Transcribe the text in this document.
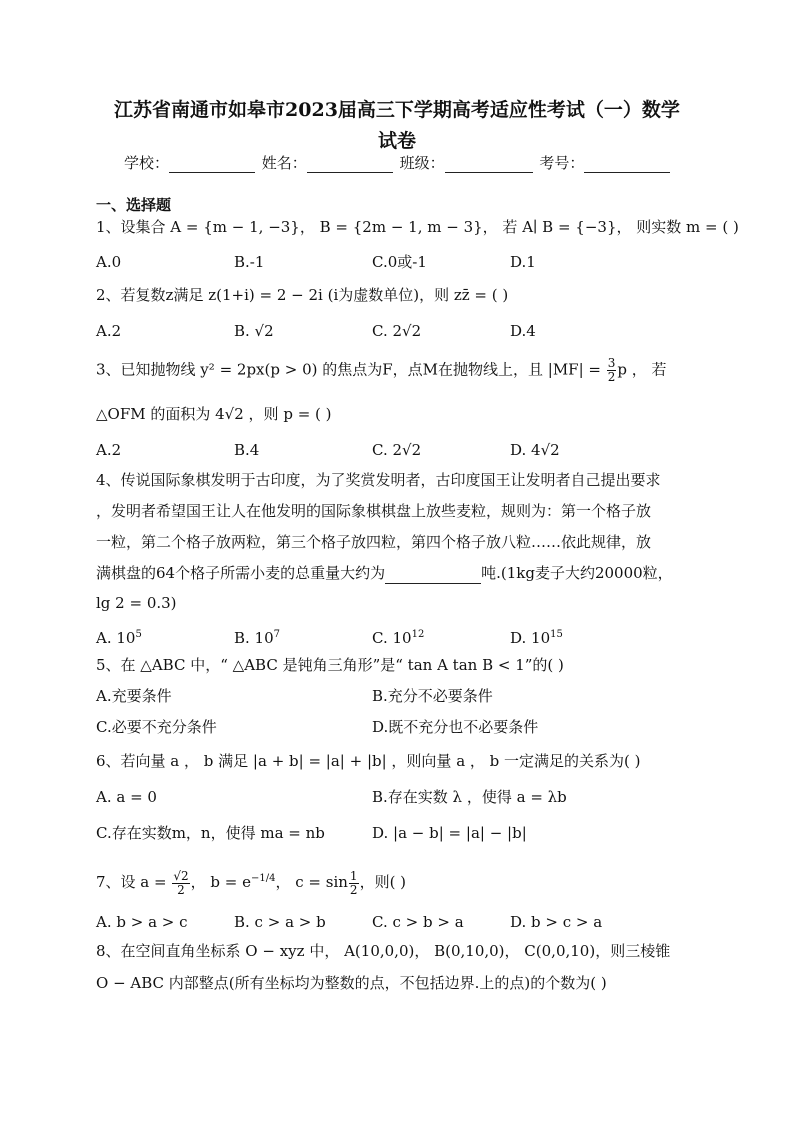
江苏省南通市如皋市2023届高三下学期高考适应性考试（一）数学
试卷
学校：	姓名：	班级：	考号：
一、选择题
1、设集合 A = {m − 1, −3}， B = {2m − 1, m − 3}， 若 A∣ B = {−3}， 则实数 m = ( )
A.0	B.-1	C.0或-1	D.1
2、若复数z满足 z(1+i) = 2 − 2i (i为虚数单位)，则 zz̄ = ( )
A.2	B. √2	C. 2√2	D.4
3、已知抛物线 y² = 2px(p > 0) 的焦点为F，点M在抛物线上，且 $|MF| = \frac{3}{2}$ p ， 若
△OFM 的面积为 4√2 ，则 p = ( )
A.2	B.4	C. 2√2	D. 4√2
4、传说国际象棋发明于古印度，为了奖赏发明者，古印度国王让发明者自己提出要求
，发明者希望国王让人在他发明的国际象棋棋盘上放些麦粒，规则为：第一个格子放
一粒，第二个格子放两粒，第三个格子放四粒，第四个格子放八粒……依此规律，放
满棋盘的64个格子所需小麦的总重量大约为	吨.(1kg麦子大约20000粒，
lg 2 = 0.3)
A. $10^5$	B. $10^7$	C. $10^{12}$	D. $10^{15}$
5、在 △ABC 中，“ △ABC 是钝角三角形”是“ tan A tan B < 1”的( )
A.充要条件	B.充分不必要条件
C.必要不充分条件	D.既不充分也不必要条件
6、若向量 a ， b 满足 |a + b| = |a| + |b| ，则向量 a ， b 一定满足的关系为( )
A. a = 0	B.存在实数 λ ，使得 a = λb
C.存在实数m，n，使得 ma = nb	D. |a − b| = |a| − |b|
7、设 $a = \frac{√2}{2}$ ， $b = e^{-1/4}$， $c = \sin \frac{1}{2}$ ，则( )
A. b > a > c	B. c > a > b	C. c > b > a	D. b > c > a
8、在空间直角坐标系 O − xyz 中， A(10,0,0)， B(0,10,0)， C(0,0,10)，则三棱锥
O − ABC 内部整点(所有坐标均为整数的点，不包括边界.上的点)的个数为( )
